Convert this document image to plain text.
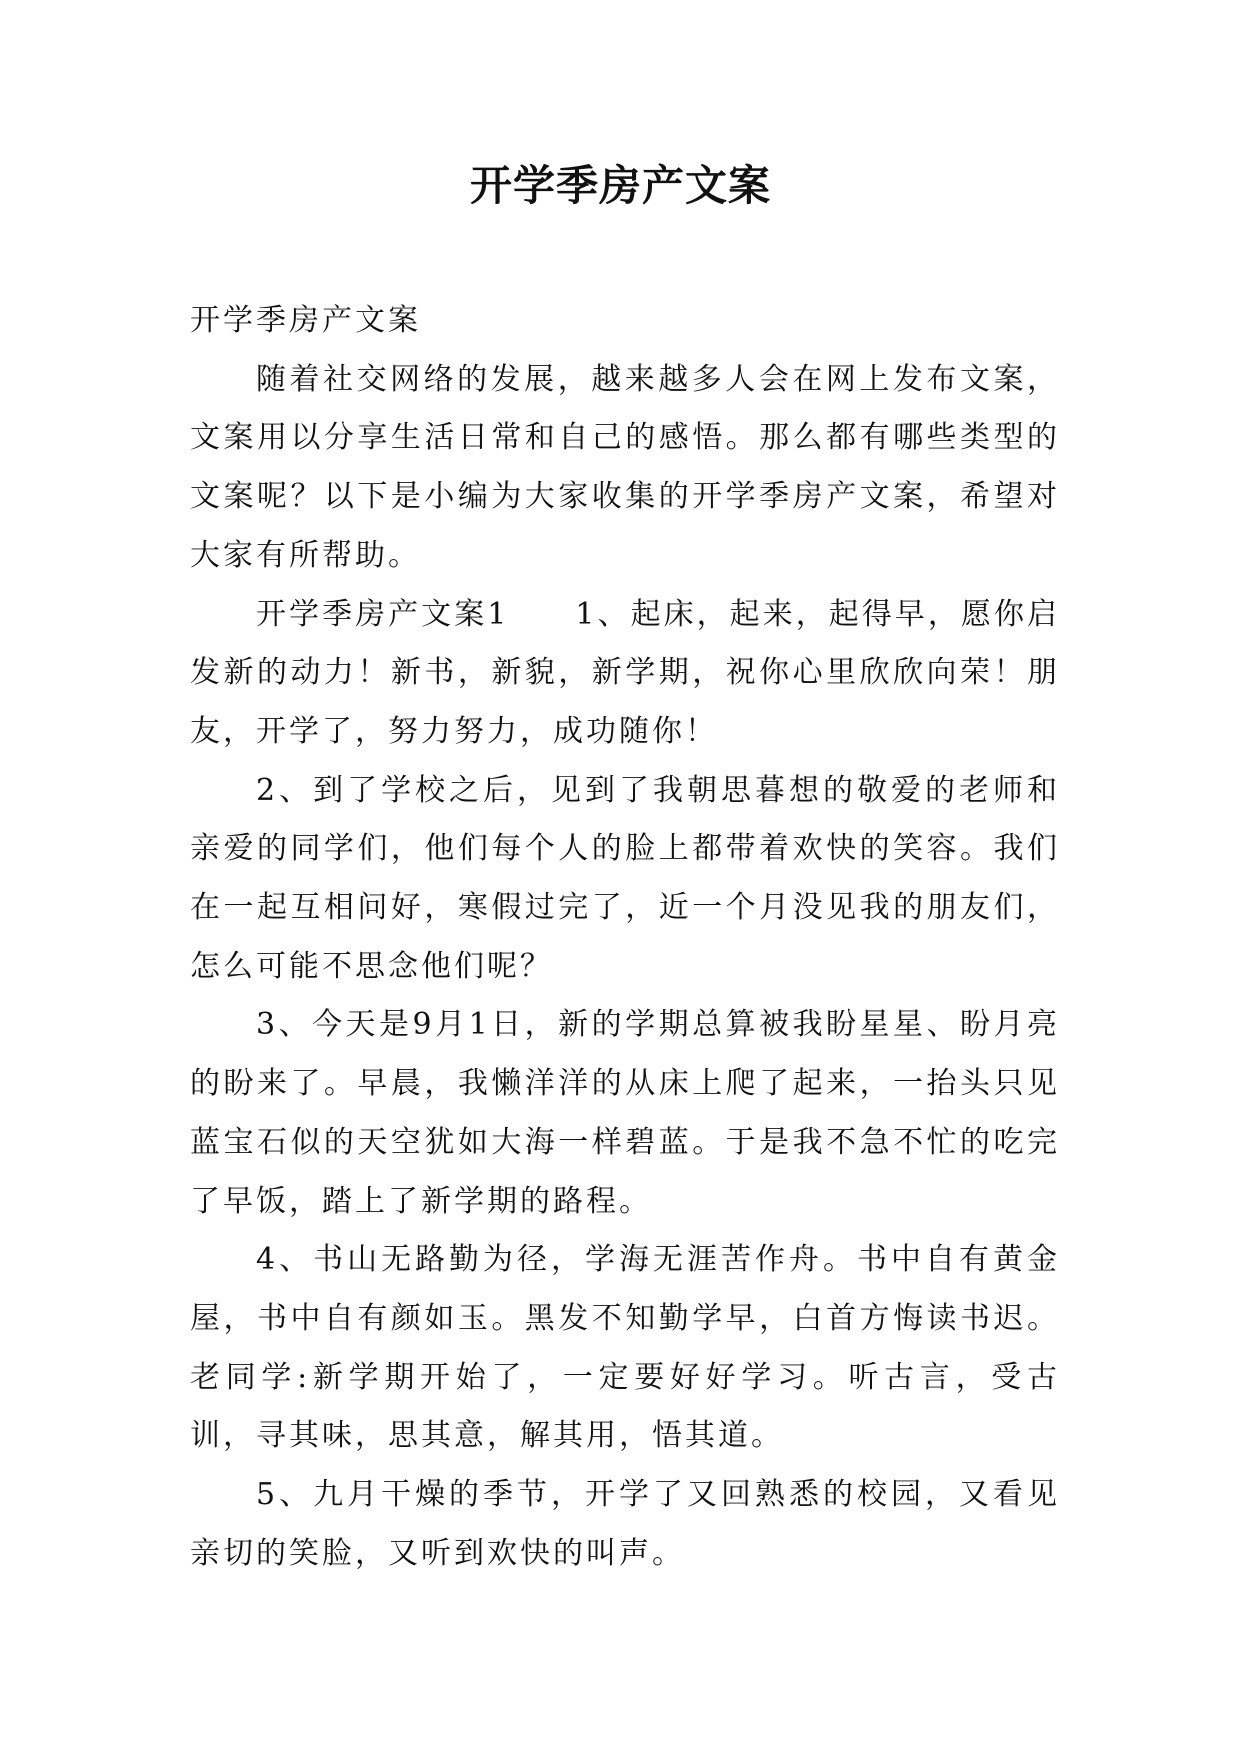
开学季房产文案

开学季房产文案

随着社交网络的发展，越来越多人会在网上发布文案，文案用以分享生活日常和自己的感悟。那么都有哪些类型的文案呢？以下是小编为大家收集的开学季房产文案，希望对大家有所帮助。

开学季房产文案1　　1、起床，起来，起得早，愿你启发新的动力！新书，新貌，新学期，祝你心里欣欣向荣！朋友，开学了，努力努力，成功随你！

2、到了学校之后，见到了我朝思暮想的敬爱的老师和亲爱的同学们，他们每个人的脸上都带着欢快的笑容。我们在一起互相问好，寒假过完了，近一个月没见我的朋友们，怎么可能不思念他们呢？

3、今天是9月1日，新的学期总算被我盼星星、盼月亮的盼来了。早晨，我懒洋洋的从床上爬了起来，一抬头只见蓝宝石似的天空犹如大海一样碧蓝。于是我不急不忙的吃完了早饭，踏上了新学期的路程。

4、书山无路勤为径，学海无涯苦作舟。书中自有黄金屋，书中自有颜如玉。黑发不知勤学早，白首方悔读书迟。老同学:新学期开始了，一定要好好学习。听古言，受古训，寻其味，思其意，解其用，悟其道。

5、九月干燥的季节，开学了又回熟悉的校园，又看见亲切的笑脸，又听到欢快的叫声。
